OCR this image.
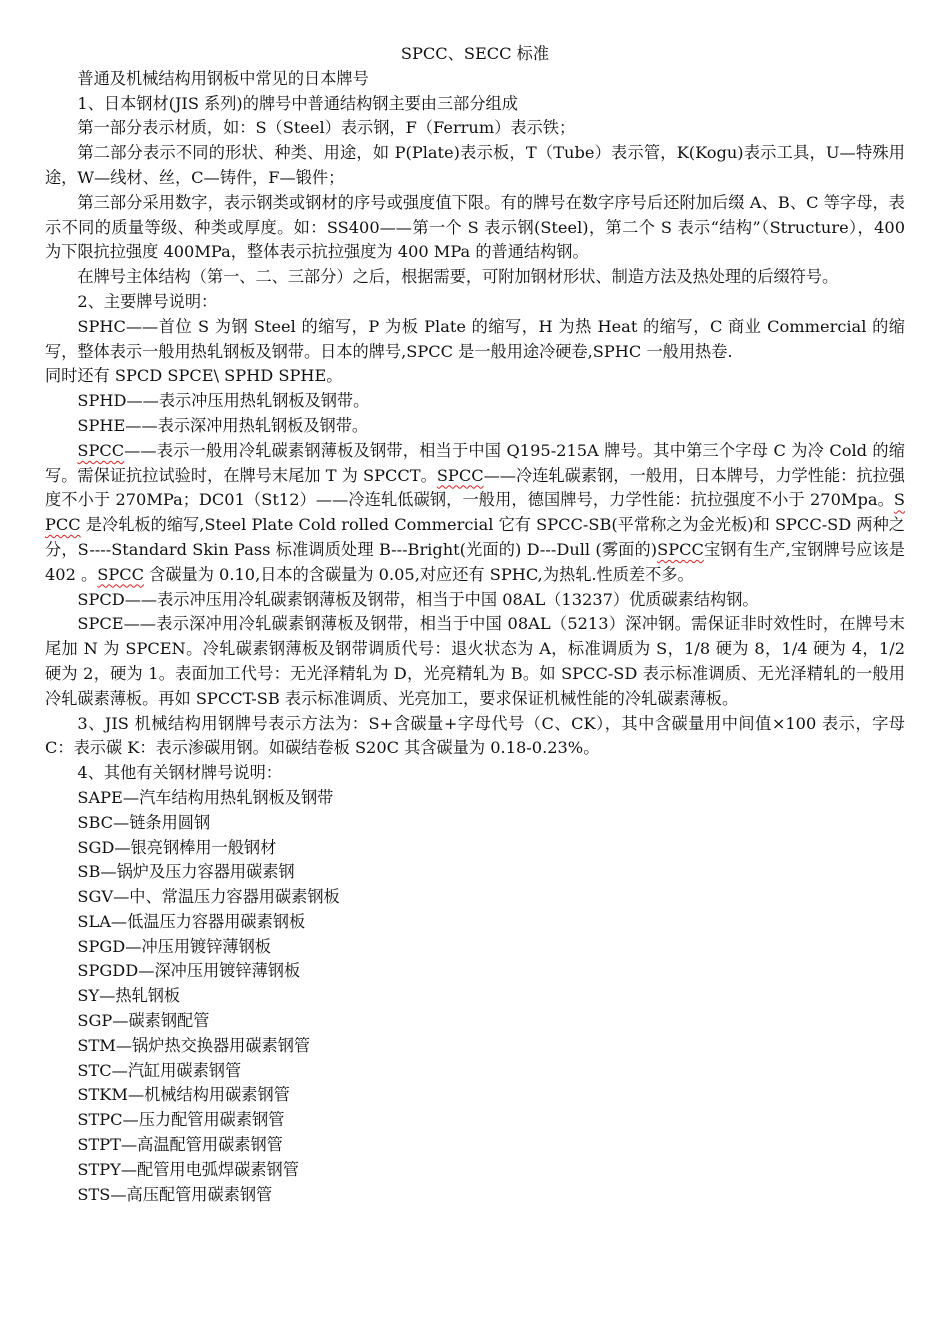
SPCC、SECC 标准

普通及机械结构用钢板中常见的日本牌号

1、日本钢材(JIS 系列)的牌号中普通结构钢主要由三部分组成

第一部分表示材质，如：S（Steel）表示钢，F（Ferrum）表示铁；

第二部分表示不同的形状、种类、用途，如 P(Plate)表示板，T（Tube）表示管，K(Kogu)表示工具，U—特殊用途，W—线材、丝，C—铸件，F—锻件；

第三部分采用数字，表示钢类或钢材的序号或强度值下限。有的牌号在数字序号后还附加后缀 A、B、C 等字母，表示不同的质量等级、种类或厚度。如：SS400——第一个 S 表示钢(Steel)，第二个 S 表示“结构”（Structure），400 为下限抗拉强度 400MPa，整体表示抗拉强度为 400 MPa 的普通结构钢。

在牌号主体结构（第一、二、三部分）之后，根据需要，可附加钢材形状、制造方法及热处理的后缀符号。

2、主要牌号说明：

SPHC——首位 S 为钢 Steel 的缩写，P 为板 Plate 的缩写，H 为热 Heat 的缩写，C 商业 Commercial 的缩写，整体表示一般用热轧钢板及钢带。日本的牌号,SPCC 是一般用途冷硬卷,SPHC 一般用热卷.

同时还有 SPCD SPCE\ SPHD SPHE。

SPHD——表示冲压用热轧钢板及钢带。

SPHE——表示深冲用热轧钢板及钢带。

SPCC——表示一般用冷轧碳素钢薄板及钢带，相当于中国 Q195-215A 牌号。其中第三个字母 C 为冷 Cold 的缩写。需保证抗拉试验时，在牌号末尾加 T 为 SPCCT。SPCC——冷连轧碳素钢，一般用，日本牌号，力学性能：抗拉强度不小于 270MPa；DC01（St12）——冷连轧低碳钢，一般用，德国牌号，力学性能：抗拉强度不小于 270Mpa。SPCC 是冷轧板的缩写,Steel Plate Cold rolled Commercial 它有 SPCC-SB(平常称之为金光板)和 SPCC-SD 两种之分，S----Standard Skin Pass 标准调质处理 B---Bright(光面的) D---Dull (雾面的)SPCC宝钢有生产,宝钢牌号应该是 402 。SPCC 含碳量为 0.10,日本的含碳量为 0.05,对应还有 SPHC,为热轧.性质差不多。

SPCD——表示冲压用冷轧碳素钢薄板及钢带，相当于中国 08AL（13237）优质碳素结构钢。

SPCE——表示深冲用冷轧碳素钢薄板及钢带，相当于中国 08AL（5213）深冲钢。需保证非时效性时，在牌号末尾加 N 为 SPCEN。冷轧碳素钢薄板及钢带调质代号：退火状态为 A，标准调质为 S，1/8 硬为 8，1/4 硬为 4，1/2 硬为 2，硬为 1。表面加工代号：无光泽精轧为 D，光亮精轧为 B。如 SPCC-SD 表示标准调质、无光泽精轧的一般用冷轧碳素薄板。再如 SPCCT-SB 表示标准调质、光亮加工，要求保证机械性能的冷轧碳素薄板。

3、JIS 机械结构用钢牌号表示方法为：S+含碳量+字母代号（C、CK），其中含碳量用中间值×100 表示，字母 C：表示碳 K：表示渗碳用钢。如碳结卷板 S20C 其含碳量为 0.18-0.23%。

4、其他有关钢材牌号说明：

SAPE—汽车结构用热轧钢板及钢带

SBC—链条用圆钢

SGD—银亮钢棒用一般钢材

SB—锅炉及压力容器用碳素钢

SGV—中、常温压力容器用碳素钢板

SLA—低温压力容器用碳素钢板

SPGD—冲压用镀锌薄钢板

SPGDD—深冲压用镀锌薄钢板

SY—热轧钢板

SGP—碳素钢配管

STM—锅炉热交换器用碳素钢管

STC—汽缸用碳素钢管

STKM—机械结构用碳素钢管

STPC—压力配管用碳素钢管

STPT—高温配管用碳素钢管

STPY—配管用电弧焊碳素钢管

STS—高压配管用碳素钢管
